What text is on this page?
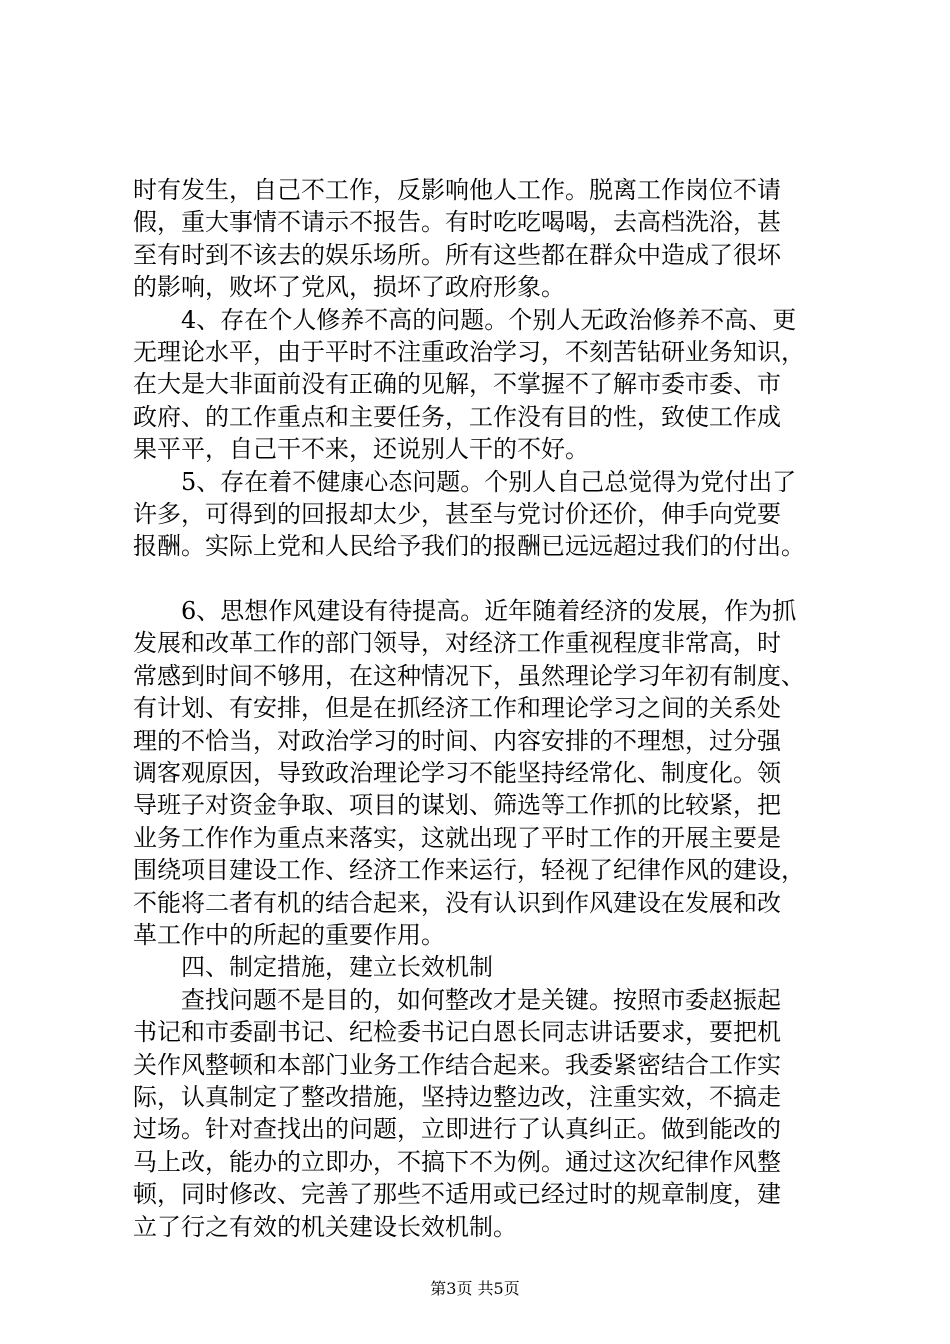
时有发生，自己不工作，反影响他人工作。脱离工作岗位不请
假，重大事情不请示不报告。有时吃吃喝喝，去高档洗浴，甚
至有时到不该去的娱乐场所。所有这些都在群众中造成了很坏
的影响，败坏了党风，损坏了政府形象。
4、存在个人修养不高的问题。个别人无政治修养不高、更
无理论水平，由于平时不注重政治学习，不刻苦钻研业务知识，
在大是大非面前没有正确的见解，不掌握不了解市委市委、市
政府、的工作重点和主要任务，工作没有目的性，致使工作成
果平平，自己干不来，还说别人干的不好。
5、存在着不健康心态问题。个别人自己总觉得为党付出了
许多，可得到的回报却太少，甚至与党讨价还价，伸手向党要
报酬。实际上党和人民给予我们的报酬已远远超过我们的付出。
6、思想作风建设有待提高。近年随着经济的发展，作为抓
发展和改革工作的部门领导，对经济工作重视程度非常高，时
常感到时间不够用，在这种情况下，虽然理论学习年初有制度、
有计划、有安排，但是在抓经济工作和理论学习之间的关系处
理的不恰当，对政治学习的时间、内容安排的不理想，过分强
调客观原因，导致政治理论学习不能坚持经常化、制度化。领
导班子对资金争取、项目的谋划、筛选等工作抓的比较紧，把
业务工作作为重点来落实，这就出现了平时工作的开展主要是
围绕项目建设工作、经济工作来运行，轻视了纪律作风的建设，
不能将二者有机的结合起来，没有认识到作风建设在发展和改
革工作中的所起的重要作用。
四、制定措施，建立长效机制
查找问题不是目的，如何整改才是关键。按照市委赵振起
书记和市委副书记、纪检委书记白恩长同志讲话要求，要把机
关作风整顿和本部门业务工作结合起来。我委紧密结合工作实
际，认真制定了整改措施，坚持边整边改，注重实效，不搞走
过场。针对查找出的问题，立即进行了认真纠正。做到能改的
马上改，能办的立即办，不搞下不为例。通过这次纪律作风整
顿，同时修改、完善了那些不适用或已经过时的规章制度，建
立了行之有效的机关建设长效机制。
第3页 共5页
